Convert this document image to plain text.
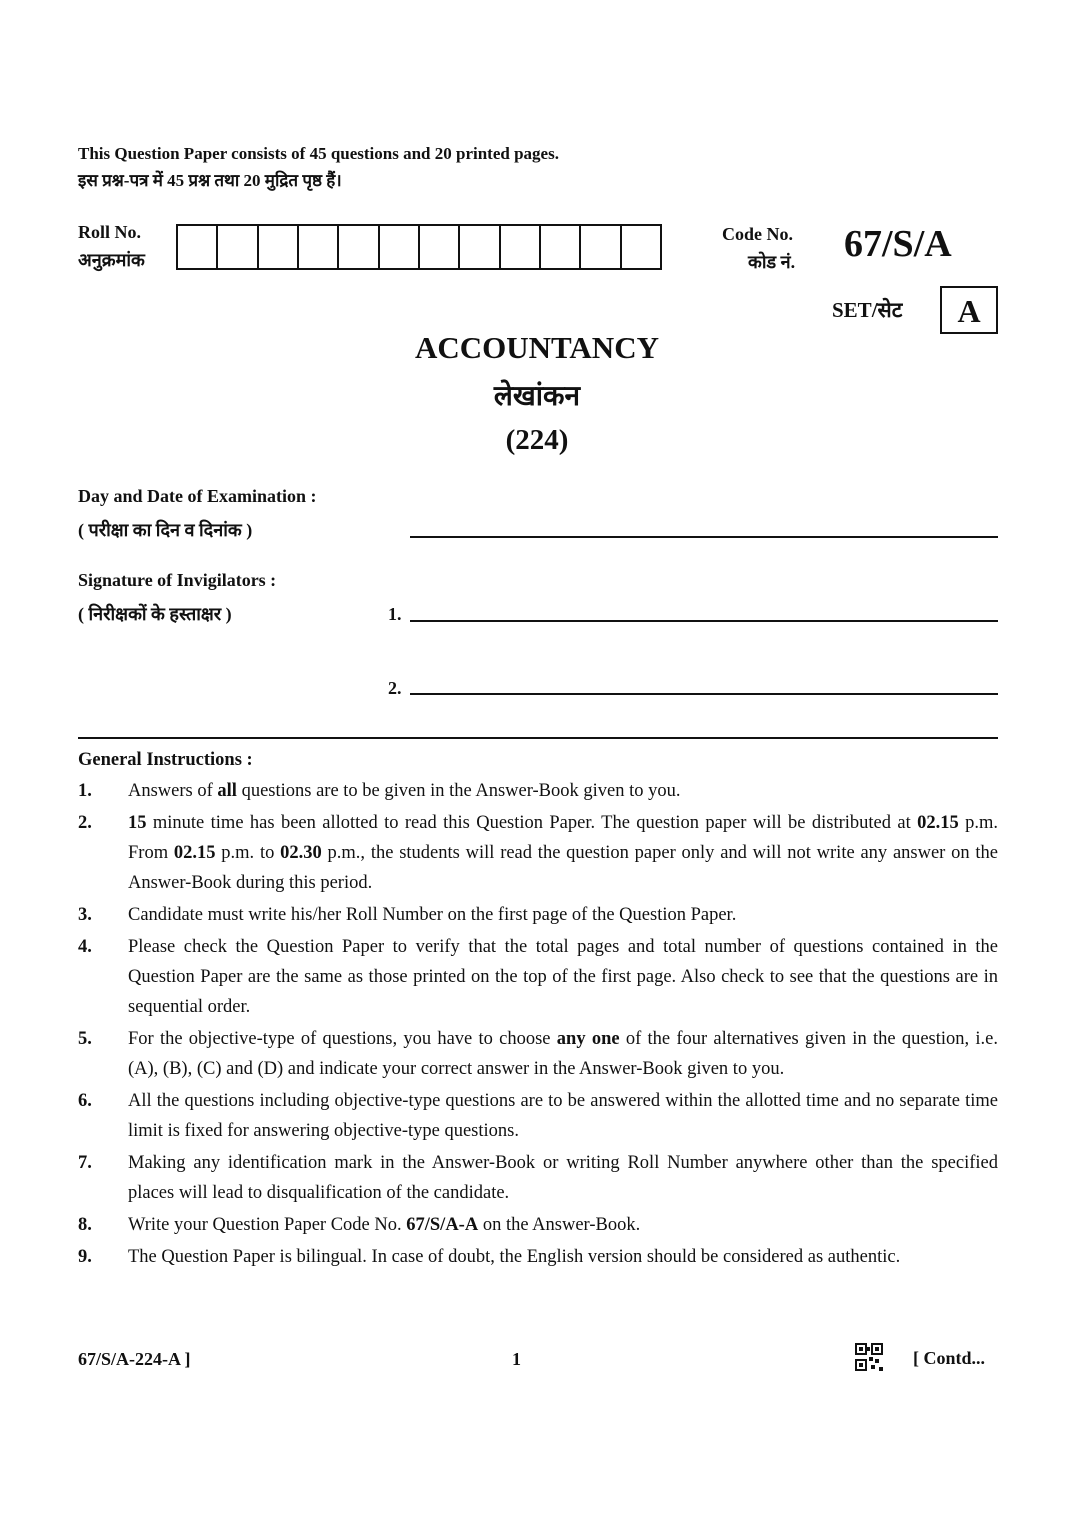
This Question Paper consists of 45 questions and 20 printed pages.
इस प्रश्न-पत्र में 45 प्रश्न तथा 20 मुद्रित पृष्ठ हैं।
Roll No.
अनुक्रमांक
Code No.
कोड नं. 67/S/A
SET/सेट	A
ACCOUNTANCY
लेखांकन
(224)
Day and Date of Examination :
( परीक्षा का दिन व दिनांक )
Signature of Invigilators :
( निरीक्षकों के हस्ताक्षर )	1.
2.
General Instructions :
1. Answers of all questions are to be given in the Answer-Book given to you.
2. 15 minute time has been allotted to read this Question Paper. The question paper will be distributed at 02.15 p.m. From 02.15 p.m. to 02.30 p.m., the students will read the question paper only and will not write any answer on the Answer-Book during this period.
3. Candidate must write his/her Roll Number on the first page of the Question Paper.
4. Please check the Question Paper to verify that the total pages and total number of questions contained in the Question Paper are the same as those printed on the top of the first page. Also check to see that the questions are in sequential order.
5. For the objective-type of questions, you have to choose any one of the four alternatives given in the question, i.e. (A), (B), (C) and (D) and indicate your correct answer in the Answer-Book given to you.
6. All the questions including objective-type questions are to be answered within the allotted time and no separate time limit is fixed for answering objective-type questions.
7. Making any identification mark in the Answer-Book or writing Roll Number anywhere other than the specified places will lead to disqualification of the candidate.
8. Write your Question Paper Code No. 67/S/A-A on the Answer-Book.
9. The Question Paper is bilingual. In case of doubt, the English version should be considered as authentic.
67/S/A-224-A ]	1	[ Contd...
